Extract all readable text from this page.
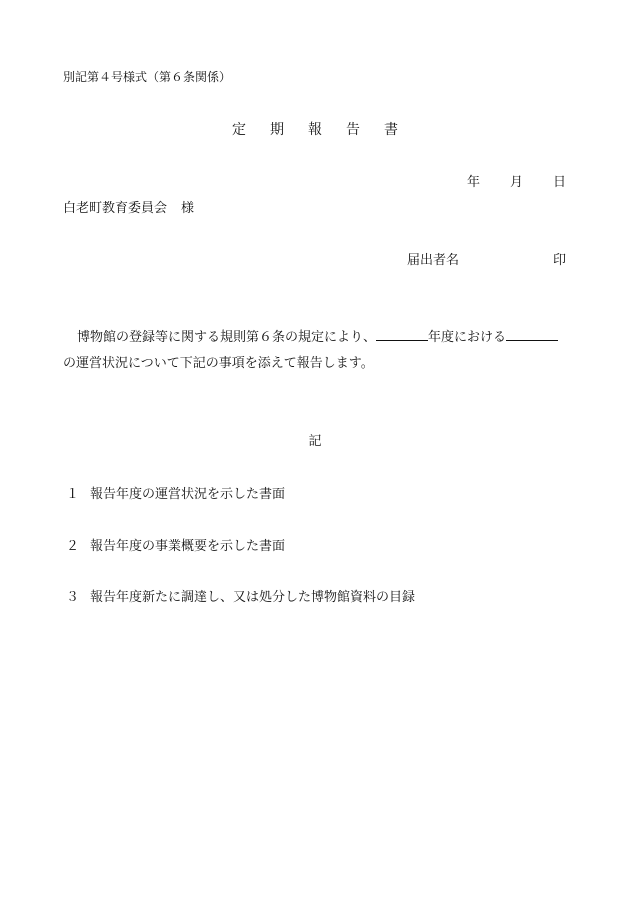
別記第４号様式（第６条関係）
定 期 報 告 書
年 月 日
白老町教育委員会 様
届出者名	印
博物館の登録等に関する規則第６条の規定により、	年度における
の運営状況について下記の事項を添えて報告します。
記
１ 報告年度の運営状況を示した書面
２ 報告年度の事業概要を示した書面
３ 報告年度新たに調達し、又は処分した博物館資料の目録
